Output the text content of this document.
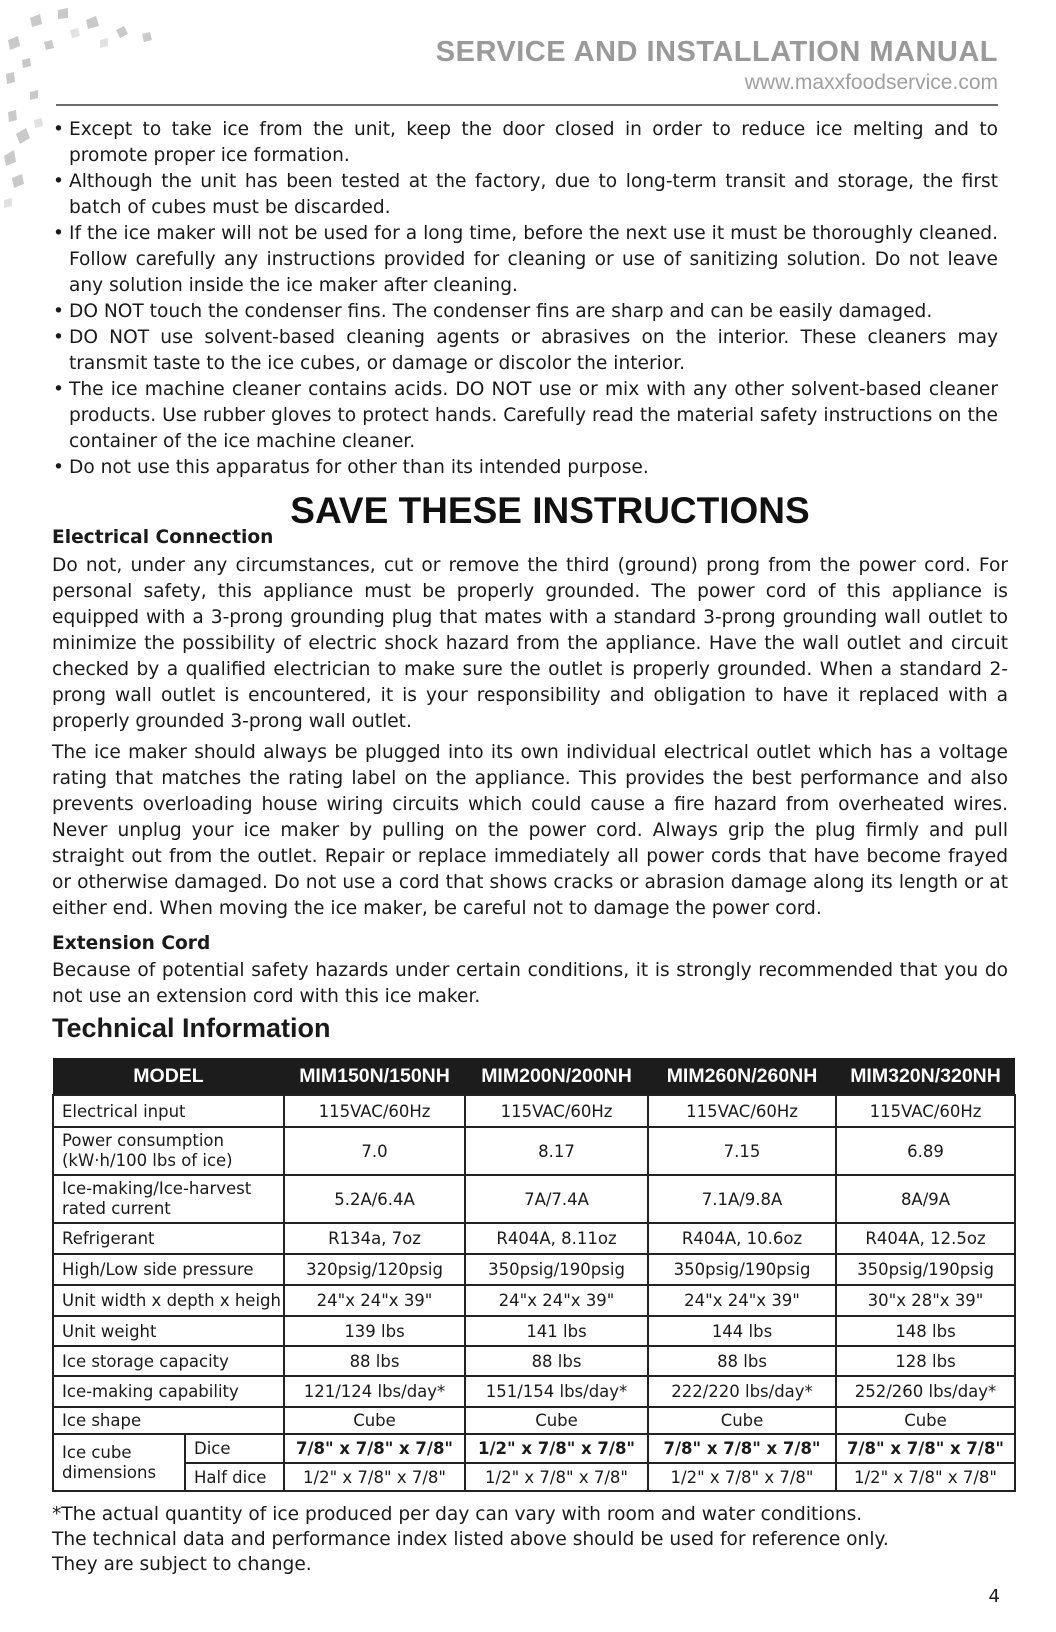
SERVICE AND INSTALLATION MANUAL
www.maxxfoodservice.com
• Except to take ice from the unit, keep the door closed in order to reduce ice melting and to promote proper ice formation.
• Although the unit has been tested at the factory, due to long-term transit and storage, the first batch of cubes must be discarded.
• If the ice maker will not be used for a long time, before the next use it must be thoroughly cleaned. Follow carefully any instructions provided for cleaning or use of sanitizing solution. Do not leave any solution inside the ice maker after cleaning.
• DO NOT touch the condenser fins. The condenser fins are sharp and can be easily damaged.
• DO NOT use solvent-based cleaning agents or abrasives on the interior. These cleaners may transmit taste to the ice cubes, or damage or discolor the interior.
• The ice machine cleaner contains acids. DO NOT use or mix with any other solvent-based cleaner products. Use rubber gloves to protect hands. Carefully read the material safety instructions on the container of the ice machine cleaner.
• Do not use this apparatus for other than its intended purpose.
SAVE THESE INSTRUCTIONS
Electrical Connection

Do not, under any circumstances, cut or remove the third (ground) prong from the power cord. For personal safety, this appliance must be properly grounded. The power cord of this appliance is equipped with a 3-prong grounding plug that mates with a standard 3-prong grounding wall outlet to minimize the possibility of electric shock hazard from the appliance. Have the wall outlet and circuit checked by a qualified electrician to make sure the outlet is properly grounded. When a standard 2-prong wall outlet is encountered, it is your responsibility and obligation to have it replaced with a properly grounded 3-prong wall outlet.

The ice maker should always be plugged into its own individual electrical outlet which has a voltage rating that matches the rating label on the appliance. This provides the best performance and also prevents overloading house wiring circuits which could cause a fire hazard from overheated wires. Never unplug your ice maker by pulling on the power cord. Always grip the plug firmly and pull straight out from the outlet. Repair or replace immediately all power cords that have become frayed or otherwise damaged. Do not use a cord that shows cracks or abrasion damage along its length or at either end. When moving the ice maker, be careful not to damage the power cord.

Extension Cord

Because of potential safety hazards under certain conditions, it is strongly recommended that you do not use an extension cord with this ice maker.

Technical Information
MODEL		MIM150N/150NH	MIM200N/200NH	MIM260N/260NH	MIM320N/320NH
Electrical input		115VAC/60Hz	115VAC/60Hz	115VAC/60Hz	115VAC/60Hz
Power consumption (kW·h/100 lbs of ice)		7.0	8.17	7.15	6.89
Ice-making/Ice-harvest rated current		5.2A/6.4A	7A/7.4A	7.1A/9.8A	8A/9A
Refrigerant		R134a, 7oz	R404A, 8.11oz	R404A, 10.6oz	R404A, 12.5oz
High/Low side pressure		320psig/120psig	350psig/190psig	350psig/190psig	350psig/190psig
Unit width x depth x heigh		24"x 24"x 39"	24"x 24"x 39"	24"x 24"x 39"	30"x 28"x 39"
Unit weight		139 lbs	141 lbs	144 lbs	148 lbs
Ice storage capacity		88 lbs	88 lbs	88 lbs	128 lbs
Ice-making capability		121/124 lbs/day*	151/154 lbs/day*	222/220 lbs/day*	252/260 lbs/day*
Ice shape		Cube	Cube	Cube	Cube
Ice cube dimensions	Dice	7/8" x 7/8" x 7/8"	1/2" x 7/8" x 7/8"	7/8" x 7/8" x 7/8"	7/8" x 7/8" x 7/8"
	Half dice	1/2" x 7/8" x 7/8"	1/2" x 7/8" x 7/8"	1/2" x 7/8" x 7/8"	1/2" x 7/8" x 7/8"
*The actual quantity of ice produced per day can vary with room and water conditions.
The technical data and performance index listed above should be used for reference only.
They are subject to change.
4
